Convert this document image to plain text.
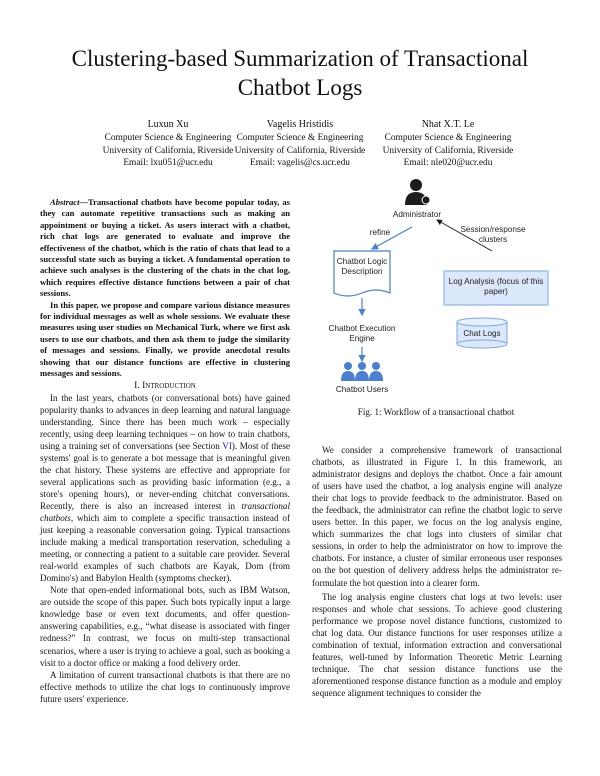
Clustering-based Summarization of Transactional Chatbot Logs
Luxun Xu
Computer Science & Engineering
University of California, Riverside
Email: lxu051@ucr.edu
Vagelis Hristidis
Computer Science & Engineering
University of California, Riverside
Email: vagelis@cs.ucr.edu
Nhat X.T. Le
Computer Science & Engineering
University of California, Riverside
Email: nle020@ucr.edu

Abstract—Transactional chatbots have become popular today, as they can automate repetitive transactions such as making an appointment or buying a ticket. As users interact with a chatbot, rich chat logs are generated to evaluate and improve the effectiveness of the chatbot, which is the ratio of chats that lead to a successful state such as buying a ticket. A fundamental operation to achieve such analyses is the clustering of the chats in the chat log, which requires effective distance functions between a pair of chat sessions.

In this paper, we propose and compare various distance measures for individual messages as well as whole sessions. We evaluate these measures using user studies on Mechanical Turk, where we first ask users to use our chatbots, and then ask them to judge the similarity of messages and sessions. Finally, we provide anecdotal results showing that our distance functions are effective in clustering messages and sessions.

I. Introduction

In the last years, chatbots (or conversational bots) have gained popularity thanks to advances in deep learning and natural language understanding. Since there has been much work – especially recently, using deep learning techniques – on how to train chatbots, using a training set of conversations (see Section VI). Most of these systems' goal is to generate a bot message that is meaningful given the chat history. These systems are effective and appropriate for several applications such as providing basic information (e.g., a store's opening hours), or never-ending chitchat conversations. Recently, there is also an increased interest in transactional chatbots, which aim to complete a specific transaction instead of just keeping a reasonable conversation going. Typical transactions include making a medical transportation reservation, scheduling a meeting, or connecting a patient to a suitable care provider. Several real-world examples of such chatbots are Kayak, Dom (from Domino's) and Babylon Health (symptoms checker).

Note that open-ended informational bots, such as IBM Watson, are outside the scope of this paper. Such bots typically input a large knowledge base or even text documents, and offer question-answering capabilities, e.g., “what disease is associated with finger redness?” In contrast, we focus on multi-step transactional scenarios, where a user is trying to achieve a goal, such as booking a visit to a doctor office or making a food delivery order.

A limitation of current transactional chatbots is that there are no effective methods to utilize the chat logs to continuously improve future users' experience.

Administrator
refine	Session/response clusters
Chatbot Logic Description
Log Analysis (focus of this paper)
Chatbot Execution Engine
Chat Logs
Chatbot Users
Fig. 1: Workflow of a transactional chatbot

We consider a comprehensive framework of transactional chatbots, as illustrated in Figure 1. In this framework, an administrator designs and deploys the chatbot. Once a fair amount of users have used the chatbot, a log analysis engine will analyze their chat logs to provide feedback to the administrator. Based on the feedback, the administrator can refine the chatbot logic to serve users better. In this paper, we focus on the log analysis engine, which summarizes the chat logs into clusters of similar chat sessions, in order to help the administrator on how to improve the chatbots. For instance, a cluster of similar erroneous user responses on the bot question of delivery address helps the administrator re-formulate the bot question into a clearer form.

The log analysis engine clusters chat logs at two levels: user responses and whole chat sessions. To achieve good clustering performance we propose novel distance functions, customized to chat log data. Our distance functions for user responses utilize a combination of textual, information extraction and conversational features, well-tuned by Information Theoretic Metric Learning technique. The chat session distance functions use the aforementioned response distance function as a module and employ sequence alignment techniques to consider the
